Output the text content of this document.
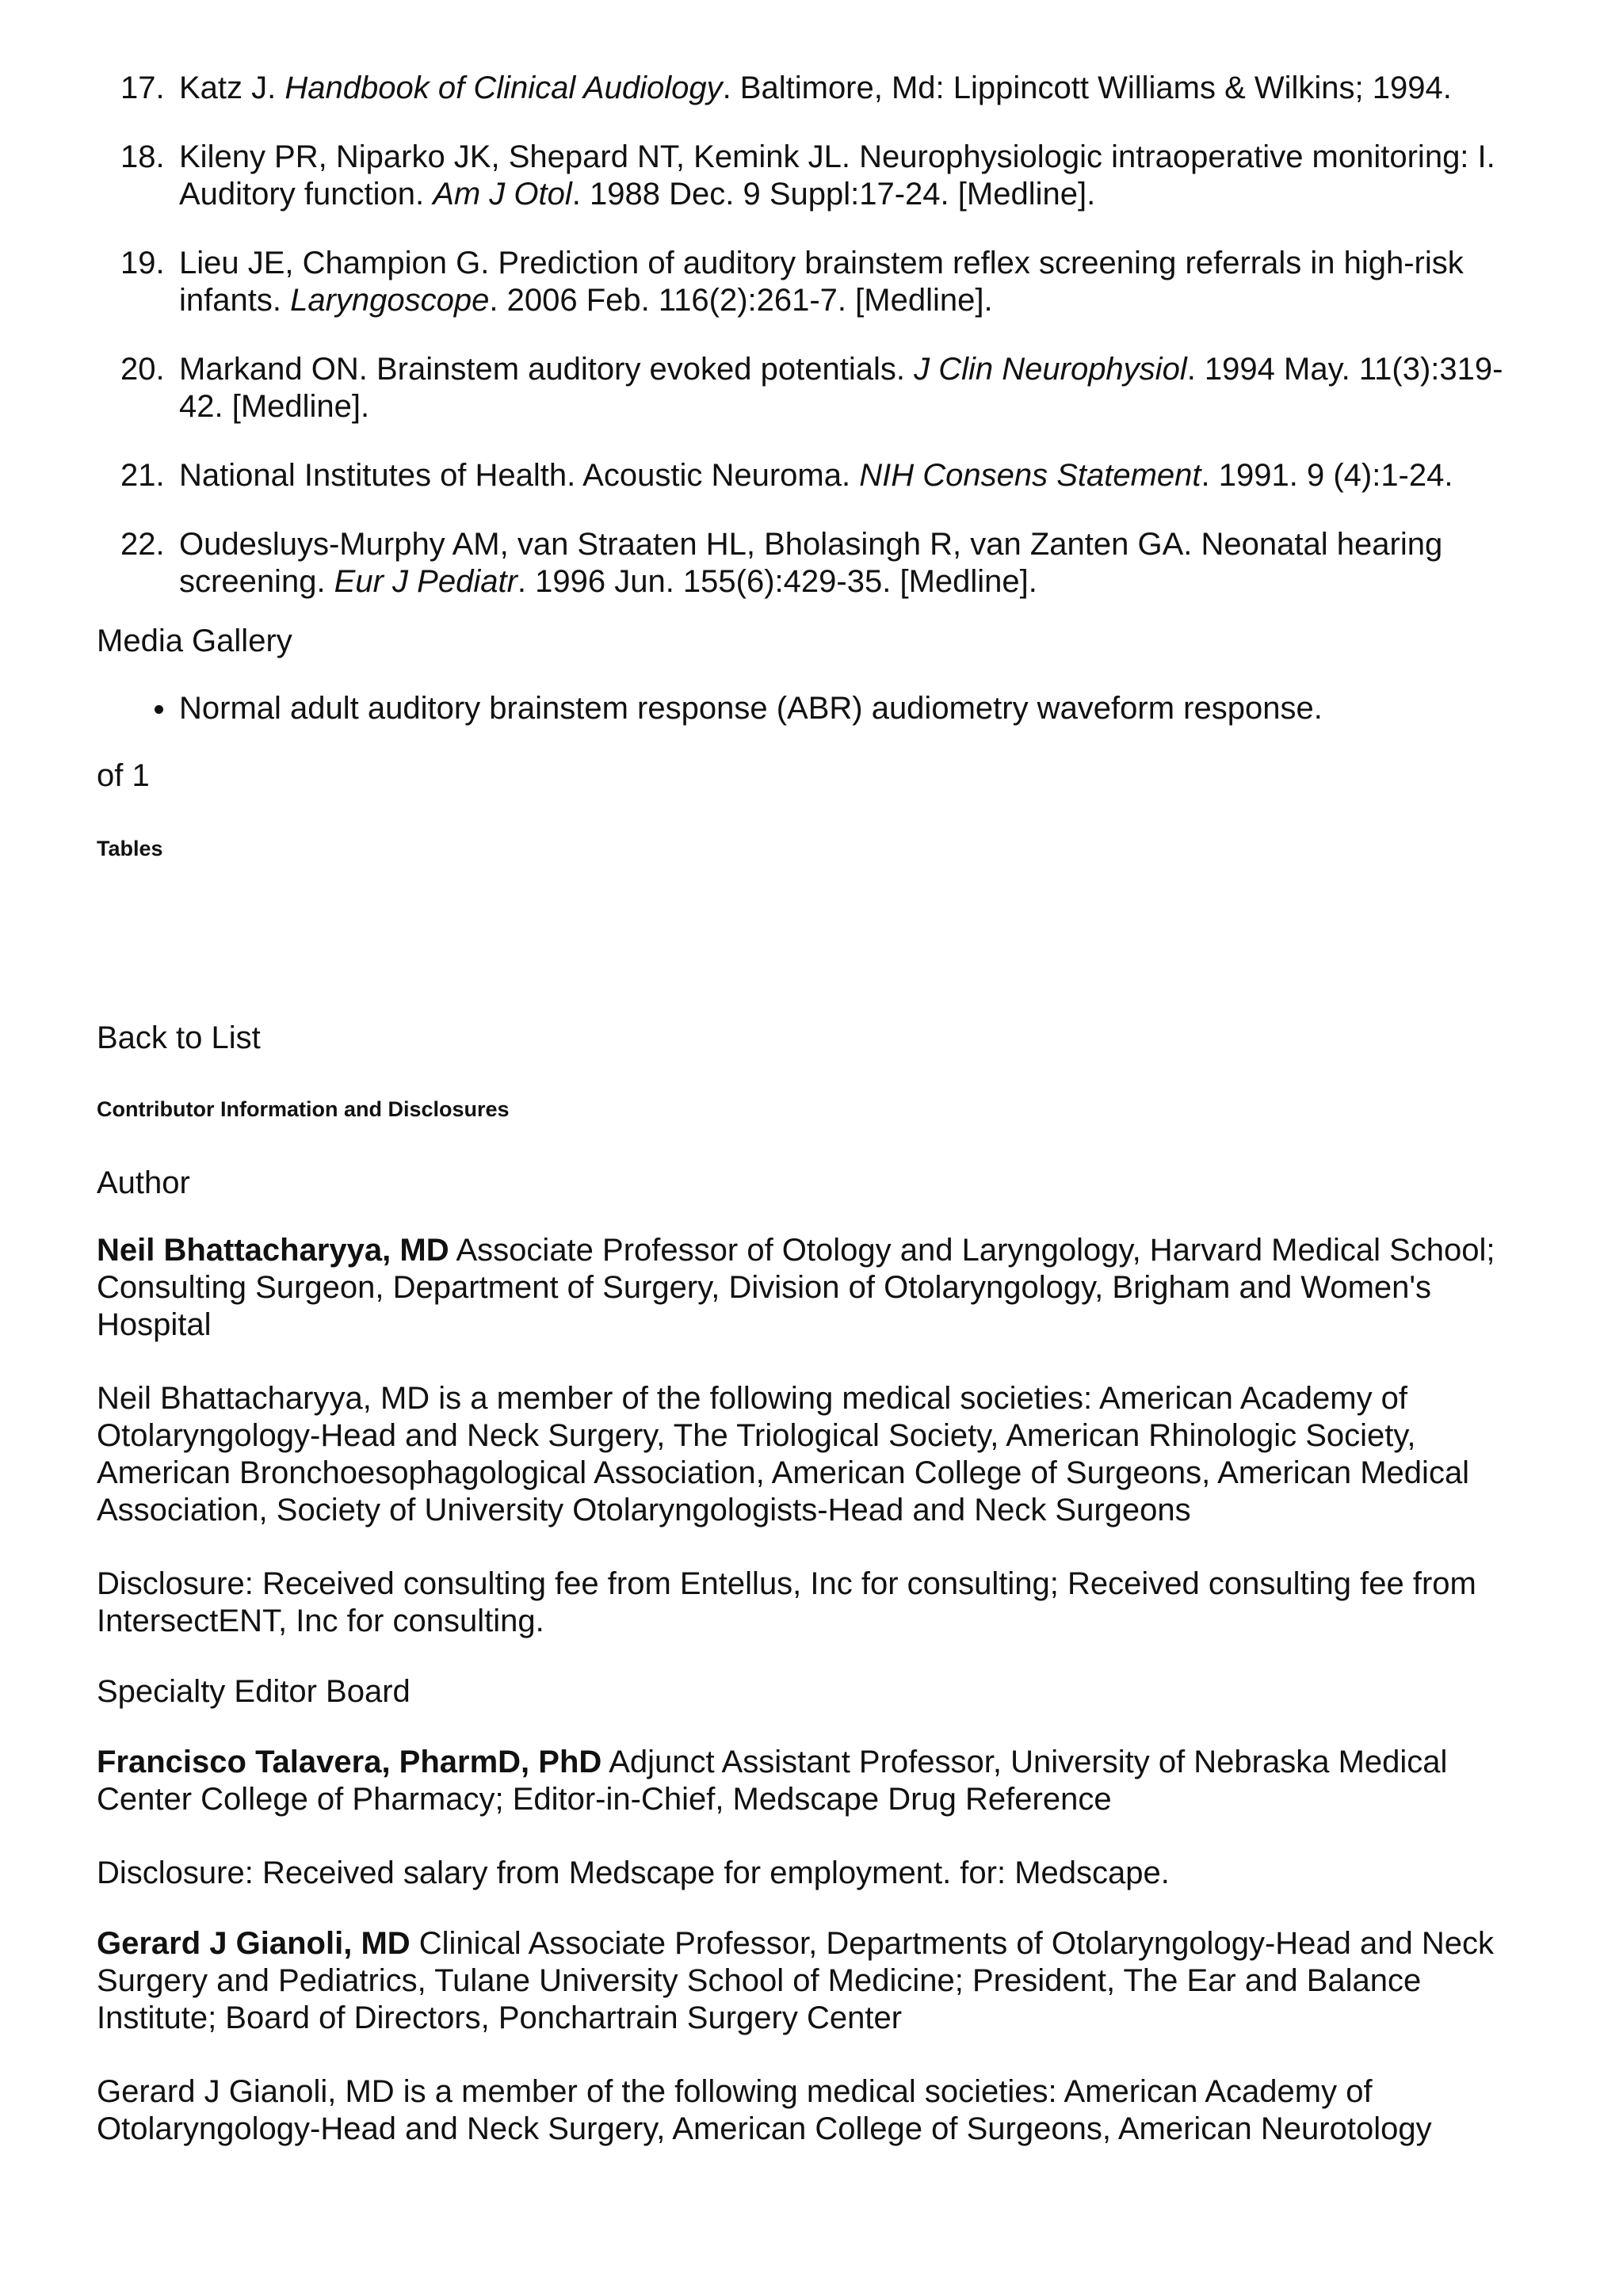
17. Katz J. Handbook of Clinical Audiology. Baltimore, Md: Lippincott Williams & Wilkins; 1994.
18. Kileny PR, Niparko JK, Shepard NT, Kemink JL. Neurophysiologic intraoperative monitoring: I. Auditory function. Am J Otol. 1988 Dec. 9 Suppl:17-24. [Medline].
19. Lieu JE, Champion G. Prediction of auditory brainstem reflex screening referrals in high-risk infants. Laryngoscope. 2006 Feb. 116(2):261-7. [Medline].
20. Markand ON. Brainstem auditory evoked potentials. J Clin Neurophysiol. 1994 May. 11(3):319-42. [Medline].
21. National Institutes of Health. Acoustic Neuroma. NIH Consens Statement. 1991. 9 (4):1-24.
22. Oudesluys-Murphy AM, van Straaten HL, Bholasingh R, van Zanten GA. Neonatal hearing screening. Eur J Pediatr. 1996 Jun. 155(6):429-35. [Medline].

Media Gallery

Normal adult auditory brainstem response (ABR) audiometry waveform response.

of 1

Tables

Back to List

Contributor Information and Disclosures

Author

Neil Bhattacharyya, MD Associate Professor of Otology and Laryngology, Harvard Medical School; Consulting Surgeon, Department of Surgery, Division of Otolaryngology, Brigham and Women's Hospital

Neil Bhattacharyya, MD is a member of the following medical societies: American Academy of Otolaryngology-Head and Neck Surgery, The Triological Society, American Rhinologic Society, American Bronchoesophagological Association, American College of Surgeons, American Medical Association, Society of University Otolaryngologists-Head and Neck Surgeons

Disclosure: Received consulting fee from Entellus, Inc for consulting; Received consulting fee from IntersectENT, Inc for consulting.

Specialty Editor Board

Francisco Talavera, PharmD, PhD Adjunct Assistant Professor, University of Nebraska Medical Center College of Pharmacy; Editor-in-Chief, Medscape Drug Reference

Disclosure: Received salary from Medscape for employment. for: Medscape.

Gerard J Gianoli, MD Clinical Associate Professor, Departments of Otolaryngology-Head and Neck Surgery and Pediatrics, Tulane University School of Medicine; President, The Ear and Balance Institute; Board of Directors, Ponchartrain Surgery Center

Gerard J Gianoli, MD is a member of the following medical societies: American Academy of Otolaryngology-Head and Neck Surgery, American College of Surgeons, American Neurotology
